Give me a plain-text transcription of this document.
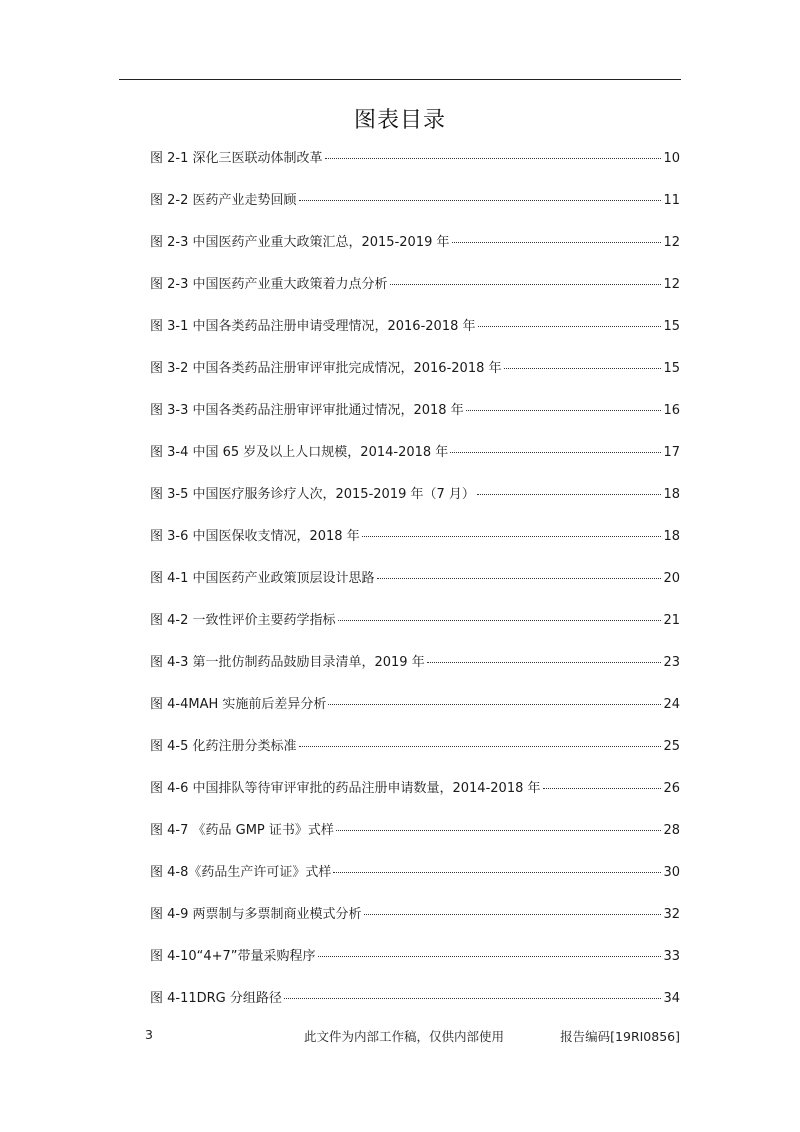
图表目录
图 2-1 深化三医联动体制改革	10
图 2-2 医药产业走势回顾	11
图 2-3 中国医药产业重大政策汇总，2015-2019 年	12
图 2-3 中国医药产业重大政策着力点分析	12
图 3-1 中国各类药品注册申请受理情况，2016-2018 年	15
图 3-2 中国各类药品注册审评审批完成情况，2016-2018 年	15
图 3-3 中国各类药品注册审评审批通过情况，2018 年	16
图 3-4 中国 65 岁及以上人口规模，2014-2018 年	17
图 3-5 中国医疗服务诊疗人次，2015-2019 年（7 月）	18
图 3-6 中国医保收支情况，2018 年	18
图 4-1 中国医药产业政策顶层设计思路	20
图 4-2 一致性评价主要药学指标	21
图 4-3 第一批仿制药品鼓励目录清单，2019 年	23
图 4-4MAH 实施前后差异分析	24
图 4-5 化药注册分类标准	25
图 4-6 中国排队等待审评审批的药品注册申请数量，2014-2018 年	26
图 4-7 《药品 GMP 证书》式样	28
图 4-8《药品生产许可证》式样	30
图 4-9 两票制与多票制商业模式分析	32
图 4-10“4+7”带量采购程序	33
图 4-11DRG 分组路径	34
3	此文件为内部工作稿，仅供内部使用	报告编码[19RI0856]
